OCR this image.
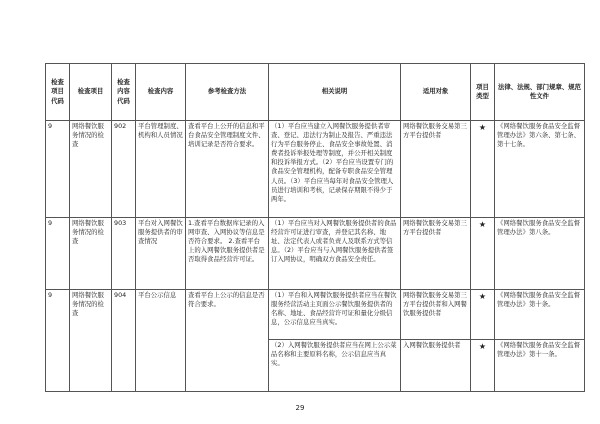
检查项目代码	检查项目	检查内容代码	检查内容	参考检查方法	相关说明	适用对象	项目类型	法律、法规、部门规章、规范性文件
9	网络餐饮服务情况的检查	902	平台管理制度、机构和人员情况	查看平台上公开的信息和平台食品安全管理制度文件、培训记录是否符合要求。	（1）平台应当建立入网餐饮服务提供者审查、登记、违法行为制止及报告、严重违法行为平台服务停止、食品安全事故处置、消费者投诉举报处理等制度，并公开相关制度和投诉举报方式。（2）平台应当设置专门的食品安全管理机构，配备专职食品安全管理人员。（3）平台应当每年对食品安全管理人员进行培训和考核，记录保存期限不得少于两年。	网络餐饮服务交易第三方平台提供者	★	《网络餐饮服务食品安全监督管理办法》第六条、第七条、第十七条。
9	网络餐饮服务情况的检查	903	平台对入网餐饮服务提供者的审查情况	1.查看平台数据库记录的入网审查、入网协议等信息是否符合要求。 2.查看平台上的入网餐饮服务提供者是否取得食品经营许可证。	（1）平台应当对入网餐饮服务提供者的食品经营许可证进行审查，并登记其名称、地址、法定代表人或者负责人及联系方式等信息。（2）平台应当与入网餐饮服务提供者签订入网协议，明确双方食品安全责任。	网络餐饮服务交易第三方平台提供者	★	《网络餐饮服务食品安全监督管理办法》第八条。
9	网络餐饮服务情况的检查	904	平台公示信息	查看平台上公示的信息是否符合要求。	（1）平台和入网餐饮服务提供者应当在餐饮服务经营活动主页面公示餐饮服务提供者的名称、地址、食品经营许可证和量化分级信息，公示信息应当真实。	网络餐饮服务交易第三方平台提供者和入网餐饮服务提供者	★	《网络餐饮服务食品安全监督管理办法》第十条。
					（2）入网餐饮服务提供者应当在网上公示菜品名称和主要原料名称，公示信息应当真实。	入网餐饮服务提供者	★	《网络餐饮服务食品安全监督管理办法》第十一条。
29
